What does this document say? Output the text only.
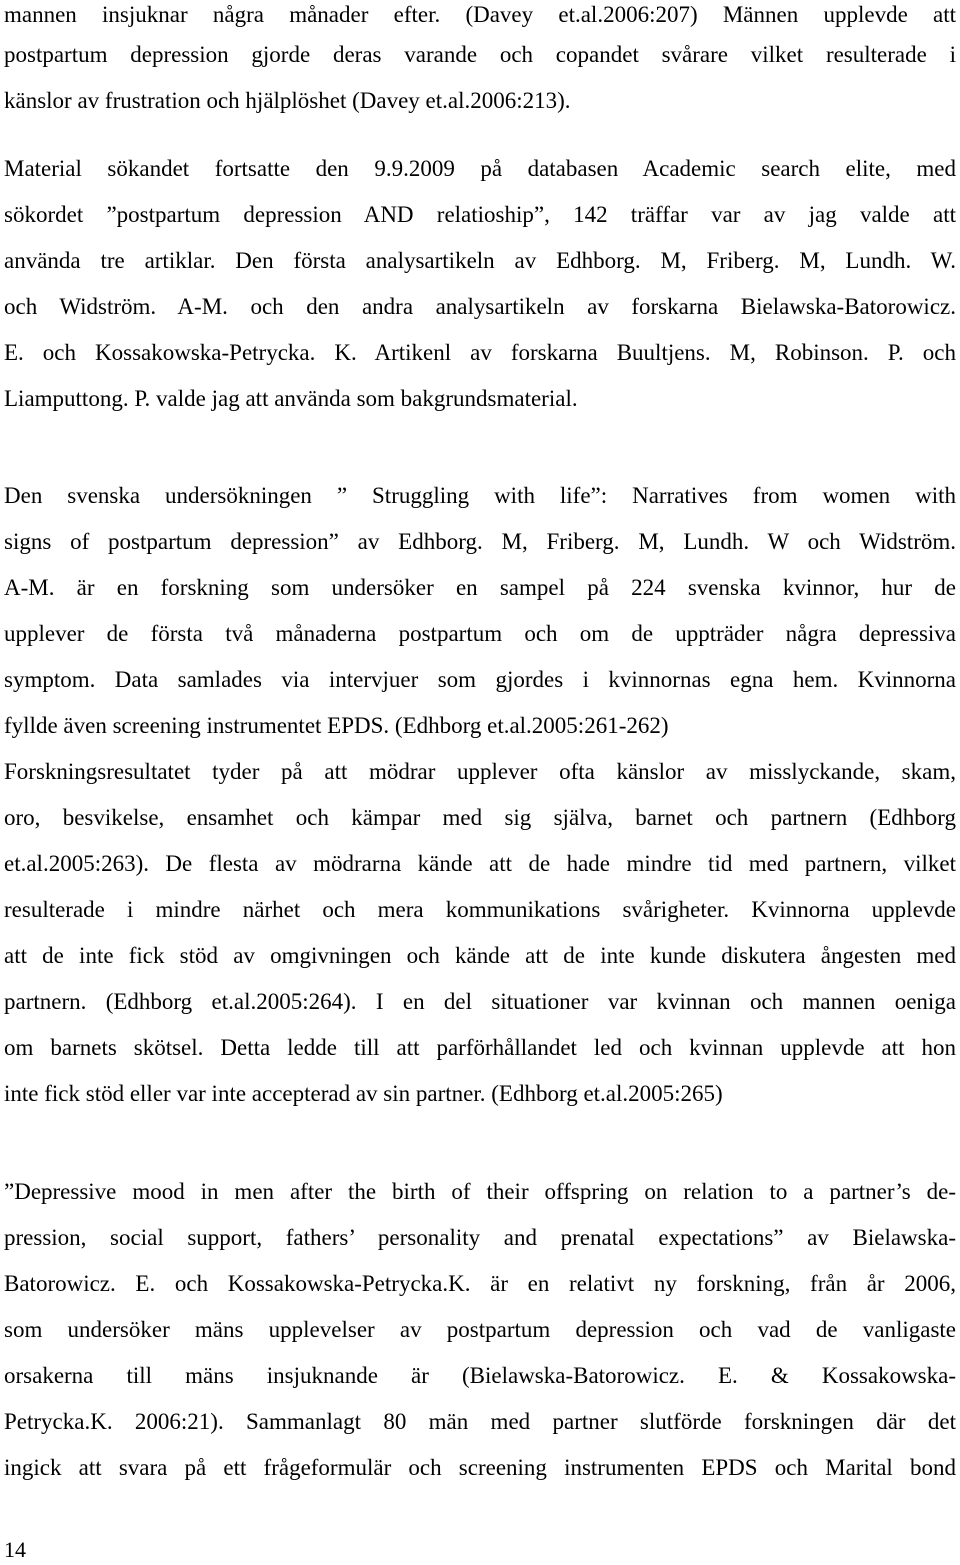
mannen insjuknar några månader efter. (Davey et.al.2006:207) Männen upplevde att
postpartum depression gjorde deras varande och copandet svårare vilket resulterade i
känslor av frustration och hjälplöshet (Davey et.al.2006:213).
Material sökandet fortsatte den 9.9.2009 på databasen Academic search elite, med
sökordet ”postpartum depression AND relatioship”, 142 träffar var av jag valde att
använda tre artiklar. Den första analysartikeln av Edhborg. M, Friberg. M, Lundh. W.
och Widström. A-M. och den andra analysartikeln av forskarna Bielawska-Batorowicz.
E. och Kossakowska-Petrycka. K. Artikenl av forskarna Buultjens. M, Robinson. P. och
Liamputtong. P. valde jag att använda som bakgrundsmaterial.
Den svenska undersökningen ” Struggling with life”: Narratives from women with
signs of postpartum depression” av Edhborg. M, Friberg. M, Lundh. W och Widström.
A-M. är en forskning som undersöker en sampel på 224 svenska kvinnor, hur de
upplever de första två månaderna postpartum och om de uppträder några depressiva
symptom. Data samlades via intervjuer som gjordes i kvinnornas egna hem. Kvinnorna
fyllde även screening instrumentet EPDS. (Edhborg et.al.2005:261-262)
Forskningsresultatet tyder på att mödrar upplever ofta känslor av misslyckande, skam,
oro, besvikelse, ensamhet och kämpar med sig själva, barnet och partnern (Edhborg
et.al.2005:263). De flesta av mödrarna kände att de hade mindre tid med partnern, vilket
resulterade i mindre närhet och mera kommunikations svårigheter. Kvinnorna upplevde
att de inte fick stöd av omgivningen och kände att de inte kunde diskutera ångesten med
partnern. (Edhborg et.al.2005:264). I en del situationer var kvinnan och mannen oeniga
om barnets skötsel. Detta ledde till att parförhållandet led och kvinnan upplevde att hon
inte fick stöd eller var inte accepterad av sin partner. (Edhborg et.al.2005:265)
”Depressive mood in men after the birth of their offspring on relation to a partner’s de-
pression, social support, fathers’ personality and prenatal expectations” av Bielawska-
Batorowicz. E. och Kossakowska-Petrycka.K. är en relativt ny forskning, från år 2006,
som undersöker mäns upplevelser av postpartum depression och vad de vanligaste
orsakerna till mäns insjuknande är (Bielawska-Batorowicz. E. & Kossakowska-
Petrycka.K. 2006:21). Sammanlagt 80 män med partner slutförde forskningen där det
ingick att svara på ett frågeformulär och screening instrumenten EPDS och Marital bond
14
